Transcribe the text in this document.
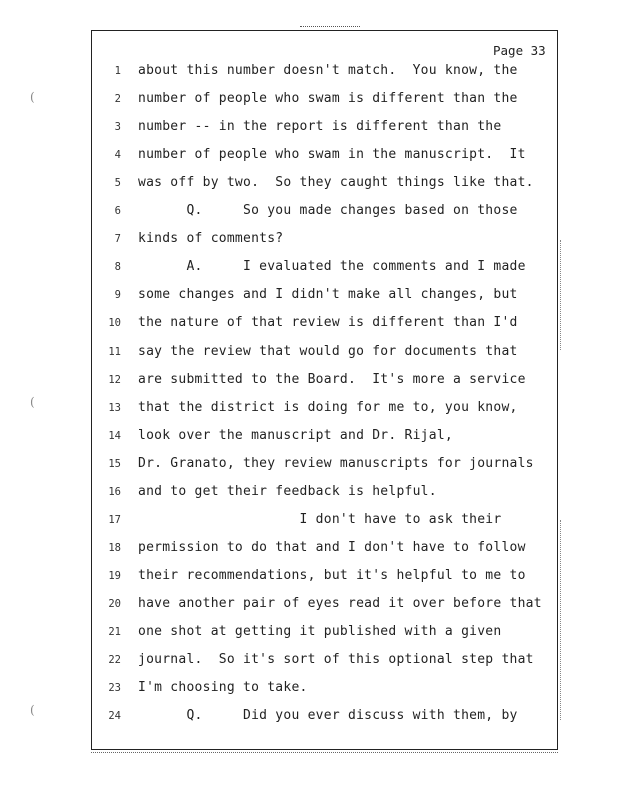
(
(
(
Page 33
1 about this number doesn't match.  You know, the
2 number of people who swam is different than the
3 number -- in the report is different than the
4 number of people who swam in the manuscript.  It
5 was off by two.  So they caught things like that.
6 Q.     So you made changes based on those
7 kinds of comments?
8 A.     I evaluated the comments and I made
9 some changes and I didn't make all changes, but
10 the nature of that review is different than I'd
11 say the review that would go for documents that
12 are submitted to the Board.  It's more a service
13 that the district is doing for me to, you know,
14 look over the manuscript and Dr. Rijal,
15 Dr. Granato, they review manuscripts for journals
16 and to get their feedback is helpful.
17 I don't have to ask their
18 permission to do that and I don't have to follow
19 their recommendations, but it's helpful to me to
20 have another pair of eyes read it over before that
21 one shot at getting it published with a given
22 journal.  So it's sort of this optional step that
23 I'm choosing to take.
24 Q.     Did you ever discuss with them, by
